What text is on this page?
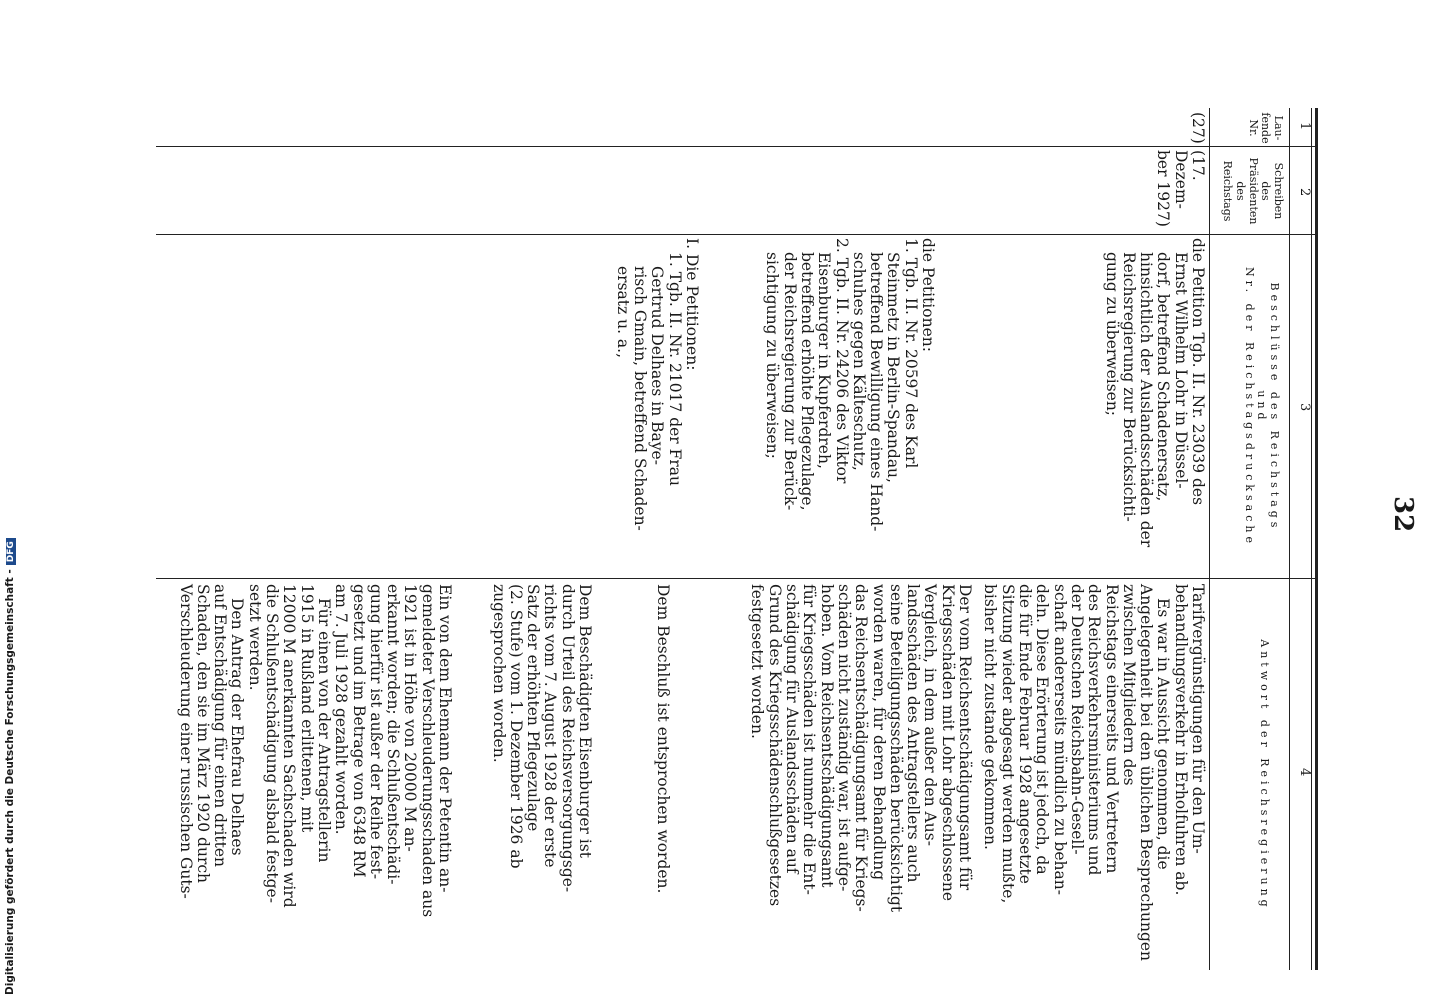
32
1
2
3
4
Lau-
fende
Nr.
Schreiben
des
Präsidenten
des
Reichstags
Beschlüsse des Reichstags
und
Nr. der Reichstagsdrucksache
Antwort der Reichsregierung
(27)

(17. Dezem-

ber 1927)

die Petition Tgb. II. Nr. 23039 des

Ernst Wilhelm Lohr in Düssel-

dorf, betreffend Schadenersatz,

hinsichtlich der Auslandsschäden der

Reichsregierung zur Berücksichti-

gung zu überweisen;

die Petitionen:

1. Tgb. II. Nr. 20597 des Karl

Steinmetz in Berlin-Spandau,

betreffend Bewilligung eines Hand-

schuhes gegen Kälteschutz,

2. Tgb. II. Nr. 24206 des Viktor

Eisenburger in Kupferdreh,

betreffend erhöhte Pflegezulage,

der Reichsregierung zur Berück-

sichtigung zu überweisen;

I. Die Petitionen:

1. Tgb. II. Nr. 21017 der Frau

Gertrud Delhaes in Baye-

risch Gmain, betreffend Schaden-

ersatz u. a.,

Tarifvergünstigungen für den Um-

behandlungsverkehr in Erholfuhren ab.

Es war in Aussicht genommen, die

Angelegenheit bei den üblichen Besprechungen

zwischen Mitgliedern des

Reichstags einerseits und Vertretern

des Reichsverkehrsministeriums und

der Deutschen Reichsbahn-Gesell-

schaft andererseits mündlich zu behan-

deln. Diese Erörterung ist jedoch, da

die für Ende Februar 1928 angesetzte

Sitzung wieder abgesagt werden mußte,

bisher nicht zustande gekommen.

Der vom Reichsentschädigungsamt für

Kriegsschäden mit Lohr abgeschlossene

Vergleich, in dem außer den Aus-

landsschäden des Antragstellers auch

seine Beteiligungsschäden berücksichtigt

worden waren, für deren Behandlung

das Reichsentschädigungsamt für Kriegs-

schäden nicht zuständig war, ist aufge-

hoben. Vom Reichsentschädigungsamt

für Kriegsschäden ist nunmehr die Ent-

schädigung für Auslandsschäden auf

Grund des Kriegsschädenschlußgesetzes

festgesetzt worden.

Dem Beschluß ist entsprochen worden.

Dem Beschädigten Eisenburger ist

durch Urteil des Reichsversorgungsge-

richts vom 7. August 1928 der erste

Satz der erhöhten Pflegezulage

(2. Stufe) vom 1. Dezember 1926 ab

zugesprochen worden.

Ein von dem Ehemann der Petentin an-

gemeldeter Verschleuderungsschaden aus

1921 ist in Höhe von 20000 M an-

erkannt worden; die Schlußentschädi-

gung hierfür ist außer der Reihe fest-

gesetzt und im Betrage von 6348 RM

am 7. Juli 1928 gezahlt worden.

Für einen von der Antragstellerin

1915 in Rußland erlittenen, mit

12000 M anerkannten Sachschaden wird

die Schlußentschädigung alsbald festge-

setzt werden.

Den Antrag der Ehefrau Delhaes

auf Entschädigung für einen dritten

Schaden, den sie im März 1920 durch

Verschleuderung einer russischen Guts-

Digitalisierung gefördert durch die Deutsche Forschungsgemeinschaft -DFG
